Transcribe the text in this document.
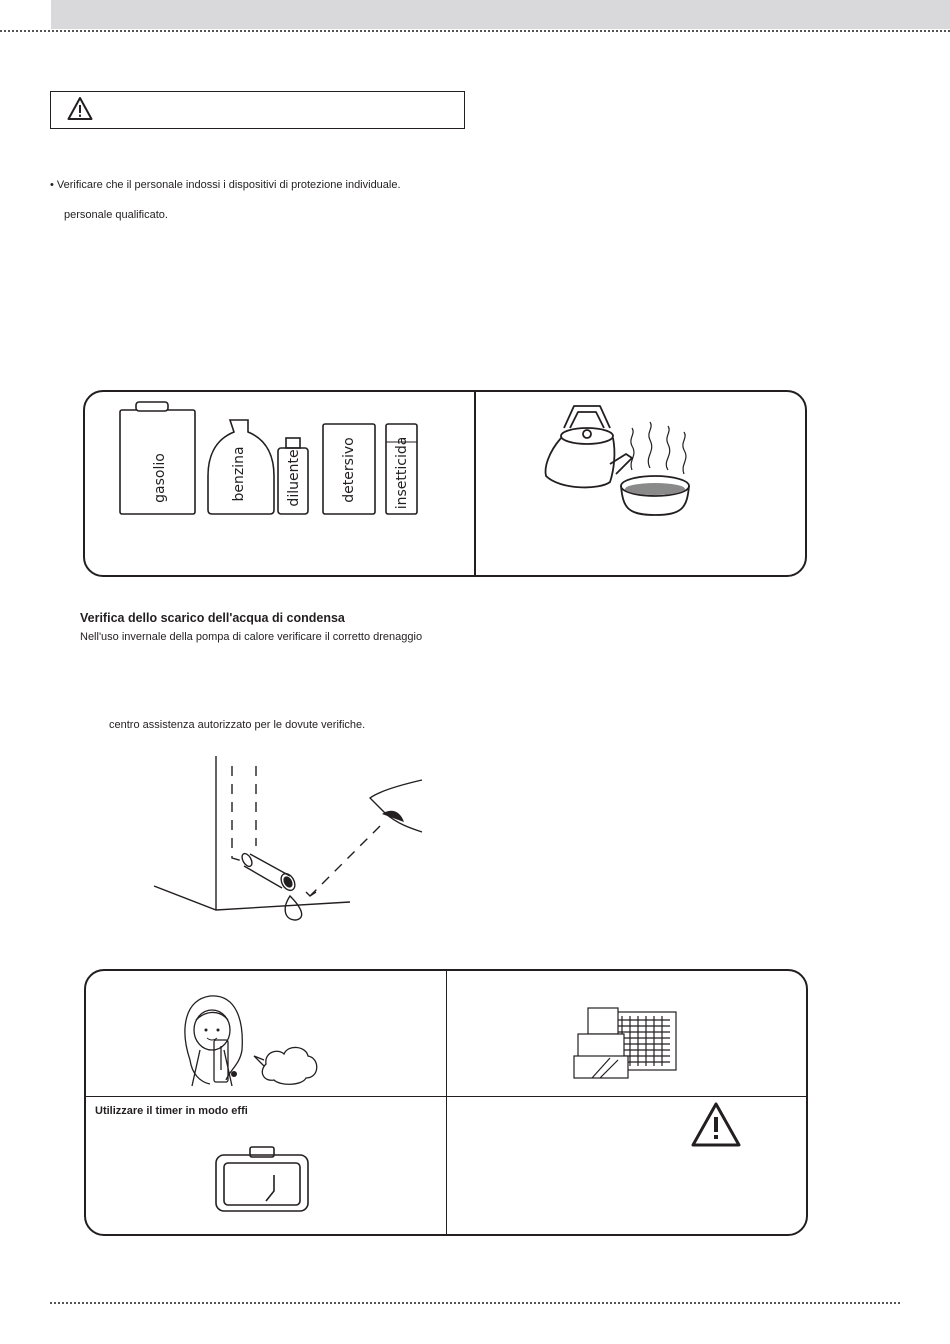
• Verificare che il personale indossi i dispositivi di protezione individuale.
personale qualificato.
gasolio	benzina	diluente	detersivo	insetticida
Verifica dello scarico dell'acqua di condensa
Nell'uso invernale della pompa di calore verificare il corretto drenaggio
centro assistenza autorizzato per le dovute verifiche.
Utilizzare il timer in modo effi
